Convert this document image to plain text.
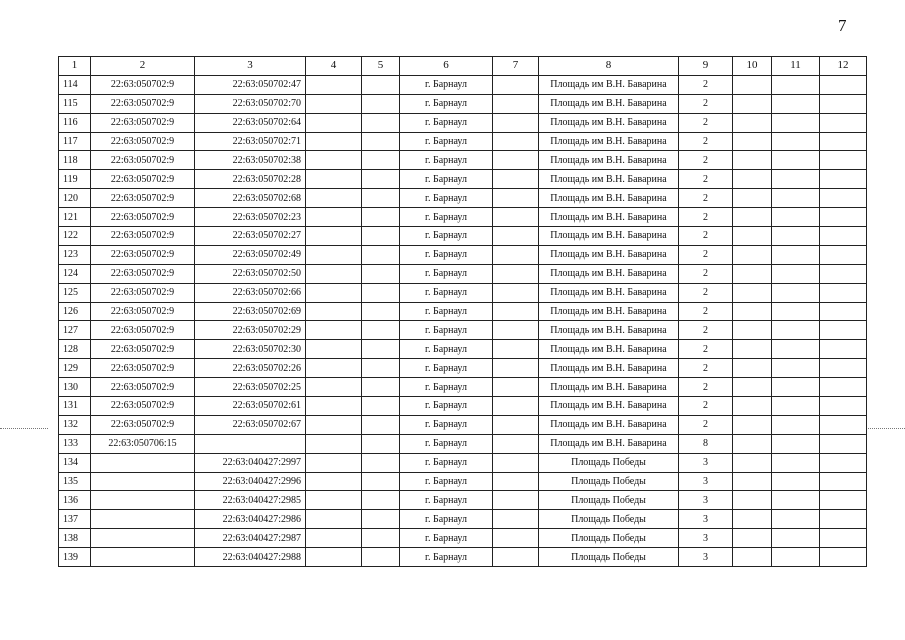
7
1	2	3	4	5	6	7	8	9	10	11	12
114	22:63:050702:9	22:63:050702:47			г. Барнаул		Площадь им В.Н. Баварина	2			
115	22:63:050702:9	22:63:050702:70			г. Барнаул		Площадь им В.Н. Баварина	2			
116	22:63:050702:9	22:63:050702:64			г. Барнаул		Площадь им В.Н. Баварина	2			
117	22:63:050702:9	22:63:050702:71			г. Барнаул		Площадь им В.Н. Баварина	2			
118	22:63:050702:9	22:63:050702:38			г. Барнаул		Площадь им В.Н. Баварина	2			
119	22:63:050702:9	22:63:050702:28			г. Барнаул		Площадь им В.Н. Баварина	2			
120	22:63:050702:9	22:63:050702:68			г. Барнаул		Площадь им В.Н. Баварина	2			
121	22:63:050702:9	22:63:050702:23			г. Барнаул		Площадь им В.Н. Баварина	2			
122	22:63:050702:9	22:63:050702:27			г. Барнаул		Площадь им В.Н. Баварина	2			
123	22:63:050702:9	22:63:050702:49			г. Барнаул		Площадь им В.Н. Баварина	2			
124	22:63:050702:9	22:63:050702:50			г. Барнаул		Площадь им В.Н. Баварина	2			
125	22:63:050702:9	22:63:050702:66			г. Барнаул		Площадь им В.Н. Баварина	2			
126	22:63:050702:9	22:63:050702:69			г. Барнаул		Площадь им В.Н. Баварина	2			
127	22:63:050702:9	22:63:050702:29			г. Барнаул		Площадь им В.Н. Баварина	2			
128	22:63:050702:9	22:63:050702:30			г. Барнаул		Площадь им В.Н. Баварина	2			
129	22:63:050702:9	22:63:050702:26			г. Барнаул		Площадь им В.Н. Баварина	2			
130	22:63:050702:9	22:63:050702:25			г. Барнаул		Площадь им В.Н. Баварина	2			
131	22:63:050702:9	22:63:050702:61			г. Барнаул		Площадь им В.Н. Баварина	2			
132	22:63:050702:9	22:63:050702:67			г. Барнаул		Площадь им В.Н. Баварина	2			
133	22:63:050706:15				г. Барнаул		Площадь им В.Н. Баварина	8			
134		22:63:040427:2997			г. Барнаул		Площадь Победы	3			
135		22:63:040427:2996			г. Барнаул		Площадь Победы	3			
136		22:63:040427:2985			г. Барнаул		Площадь Победы	3			
137		22:63:040427:2986			г. Барнаул		Площадь Победы	3			
138		22:63:040427:2987			г. Барнаул		Площадь Победы	3			
139		22:63:040427:2988			г. Барнаул		Площадь Победы	3			
